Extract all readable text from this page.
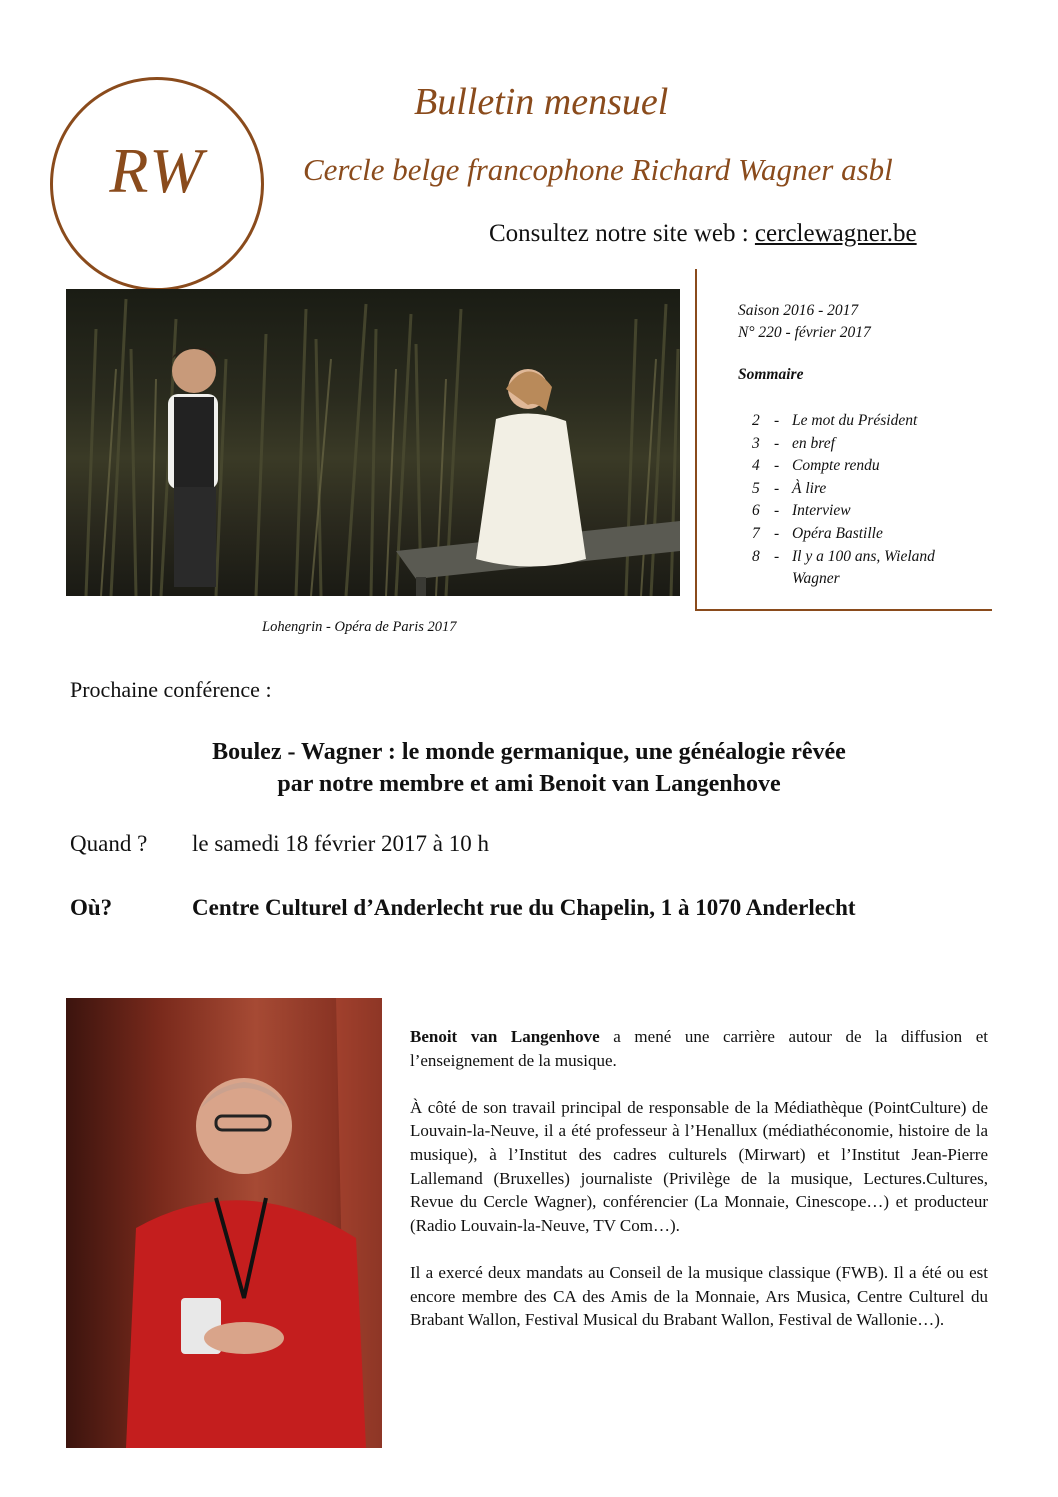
RW
Bulletin mensuel
Cercle belge francophone Richard Wagner asbl
Consultez notre site web : cerclewagner.be
Lohengrin - Opéra de Paris 2017
Saison 2016 - 2017
N° 220 - février 2017
Sommaire
2 - Le mot du Président
3 - en bref
4 - Compte rendu
5 - À lire
6 - Interview
7 - Opéra Bastille
8 - Il y a 100 ans, Wieland
Wagner
Prochaine conférence :
Boulez - Wagner : le monde germanique, une généalogie rêvée
par notre membre et ami Benoit van Langenhove
Quand ? le samedi 18 février 2017 à 10 h
Où?	Centre Culturel d’Anderlecht rue du Chapelin, 1 à 1070 Anderlecht

Benoit van Langenhove a mené une carrière autour de la diffusion et l’enseignement de la musique.

À côté de son travail principal de responsable de la Médiathèque (PointCulture) de Louvain-la-Neuve, il a été professeur à l’Henallux (médiathéconomie, histoire de la musique), à l’Institut des cadres culturels (Mirwart) et l’Institut Jean-Pierre Lallemand (Bruxelles) journaliste (Privilège de la musique, Lectures.Cultures, Revue du Cercle Wagner), conférencier (La Monnaie, Cinescope…) et producteur (Radio Louvain-la-Neuve, TV Com…).

Il a exercé deux mandats au Conseil de la musique classique (FWB). Il a été ou est encore membre des CA des Amis de la Monnaie, Ars Musica, Centre Culturel du Brabant Wallon, Festival Musical du Brabant Wallon, Festival de Wallonie…).
